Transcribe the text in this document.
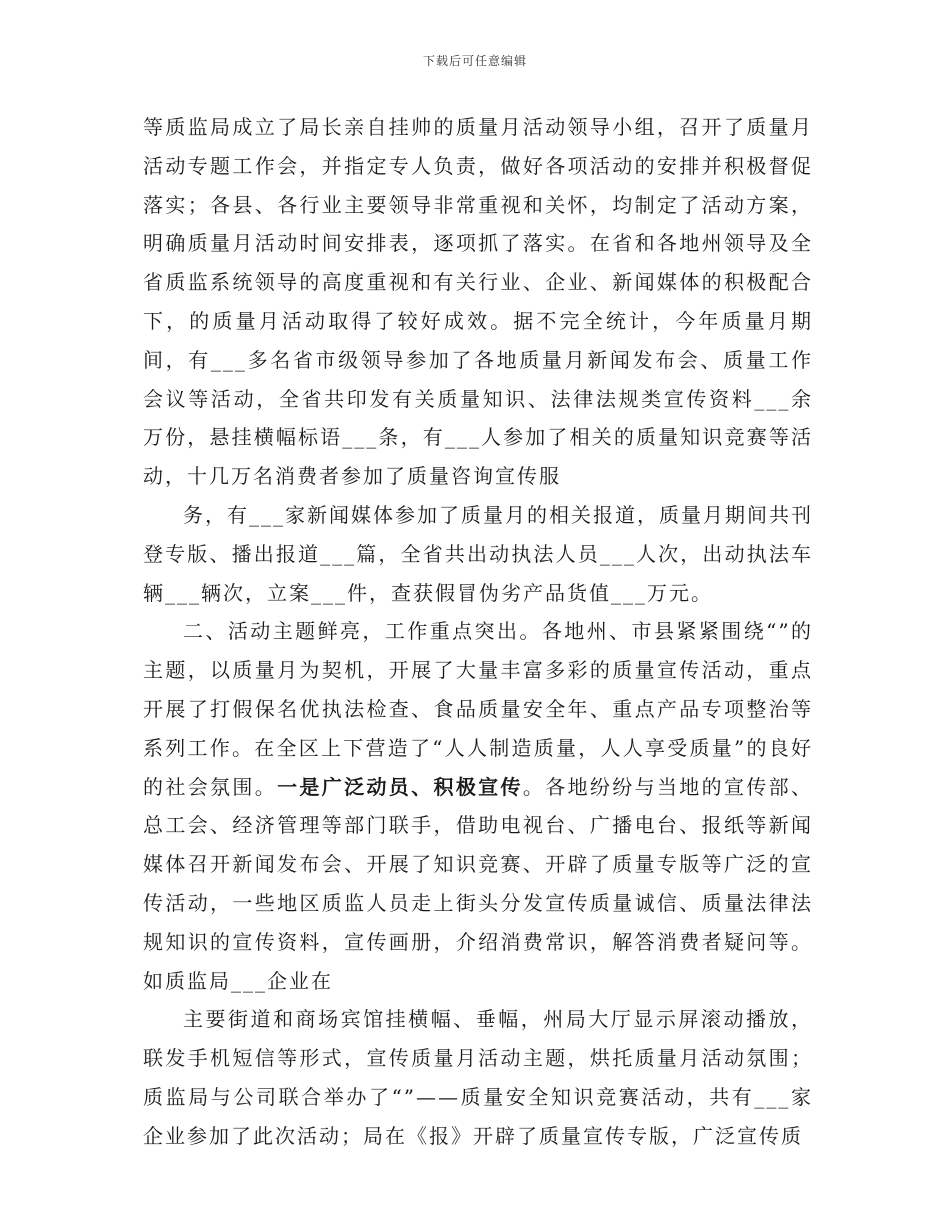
下载后可任意编辑

等质监局成立了局长亲自挂帅的质量月活动领导小组，召开了质量月活动专题工作会，并指定专人负责，做好各项活动的安排并积极督促落实；各县、各行业主要领导非常重视和关怀，均制定了活动方案，明确质量月活动时间安排表，逐项抓了落实。在省和各地州领导及全省质监系统领导的高度重视和有关行业、企业、新闻媒体的积极配合下，的质量月活动取得了较好成效。据不完全统计，今年质量月期间，有___多名省市级领导参加了各地质量月新闻发布会、质量工作会议等活动，全省共印发有关质量知识、法律法规类宣传资料___余万份，悬挂横幅标语___条，有___人参加了相关的质量知识竞赛等活动，十几万名消费者参加了质量咨询宣传服

务，有___家新闻媒体参加了质量月的相关报道，质量月期间共刊登专版、播出报道___篇，全省共出动执法人员___人次，出动执法车辆___辆次，立案___件，查获假冒伪劣产品货值___万元。

二、活动主题鲜亮，工作重点突出。各地州、市县紧紧围绕“”的主题，以质量月为契机，开展了大量丰富多彩的质量宣传活动，重点开展了打假保名优执法检查、食品质量安全年、重点产品专项整治等系列工作。在全区上下营造了“人人制造质量，人人享受质量”的良好的社会氛围。一是广泛动员、积极宣传。各地纷纷与当地的宣传部、总工会、经济管理等部门联手，借助电视台、广播电台、报纸等新闻媒体召开新闻发布会、开展了知识竞赛、开辟了质量专版等广泛的宣传活动，一些地区质监人员走上街头分发宣传质量诚信、质量法律法规知识的宣传资料，宣传画册，介绍消费常识，解答消费者疑问等。如质监局___企业在

主要街道和商场宾馆挂横幅、垂幅，州局大厅显示屏滚动播放，联发手机短信等形式，宣传质量月活动主题，烘托质量月活动氛围；质监局与公司联合举办了“”——质量安全知识竞赛活动，共有___家企业参加了此次活动；局在《报》开辟了质量宣传专版，广泛宣传质
